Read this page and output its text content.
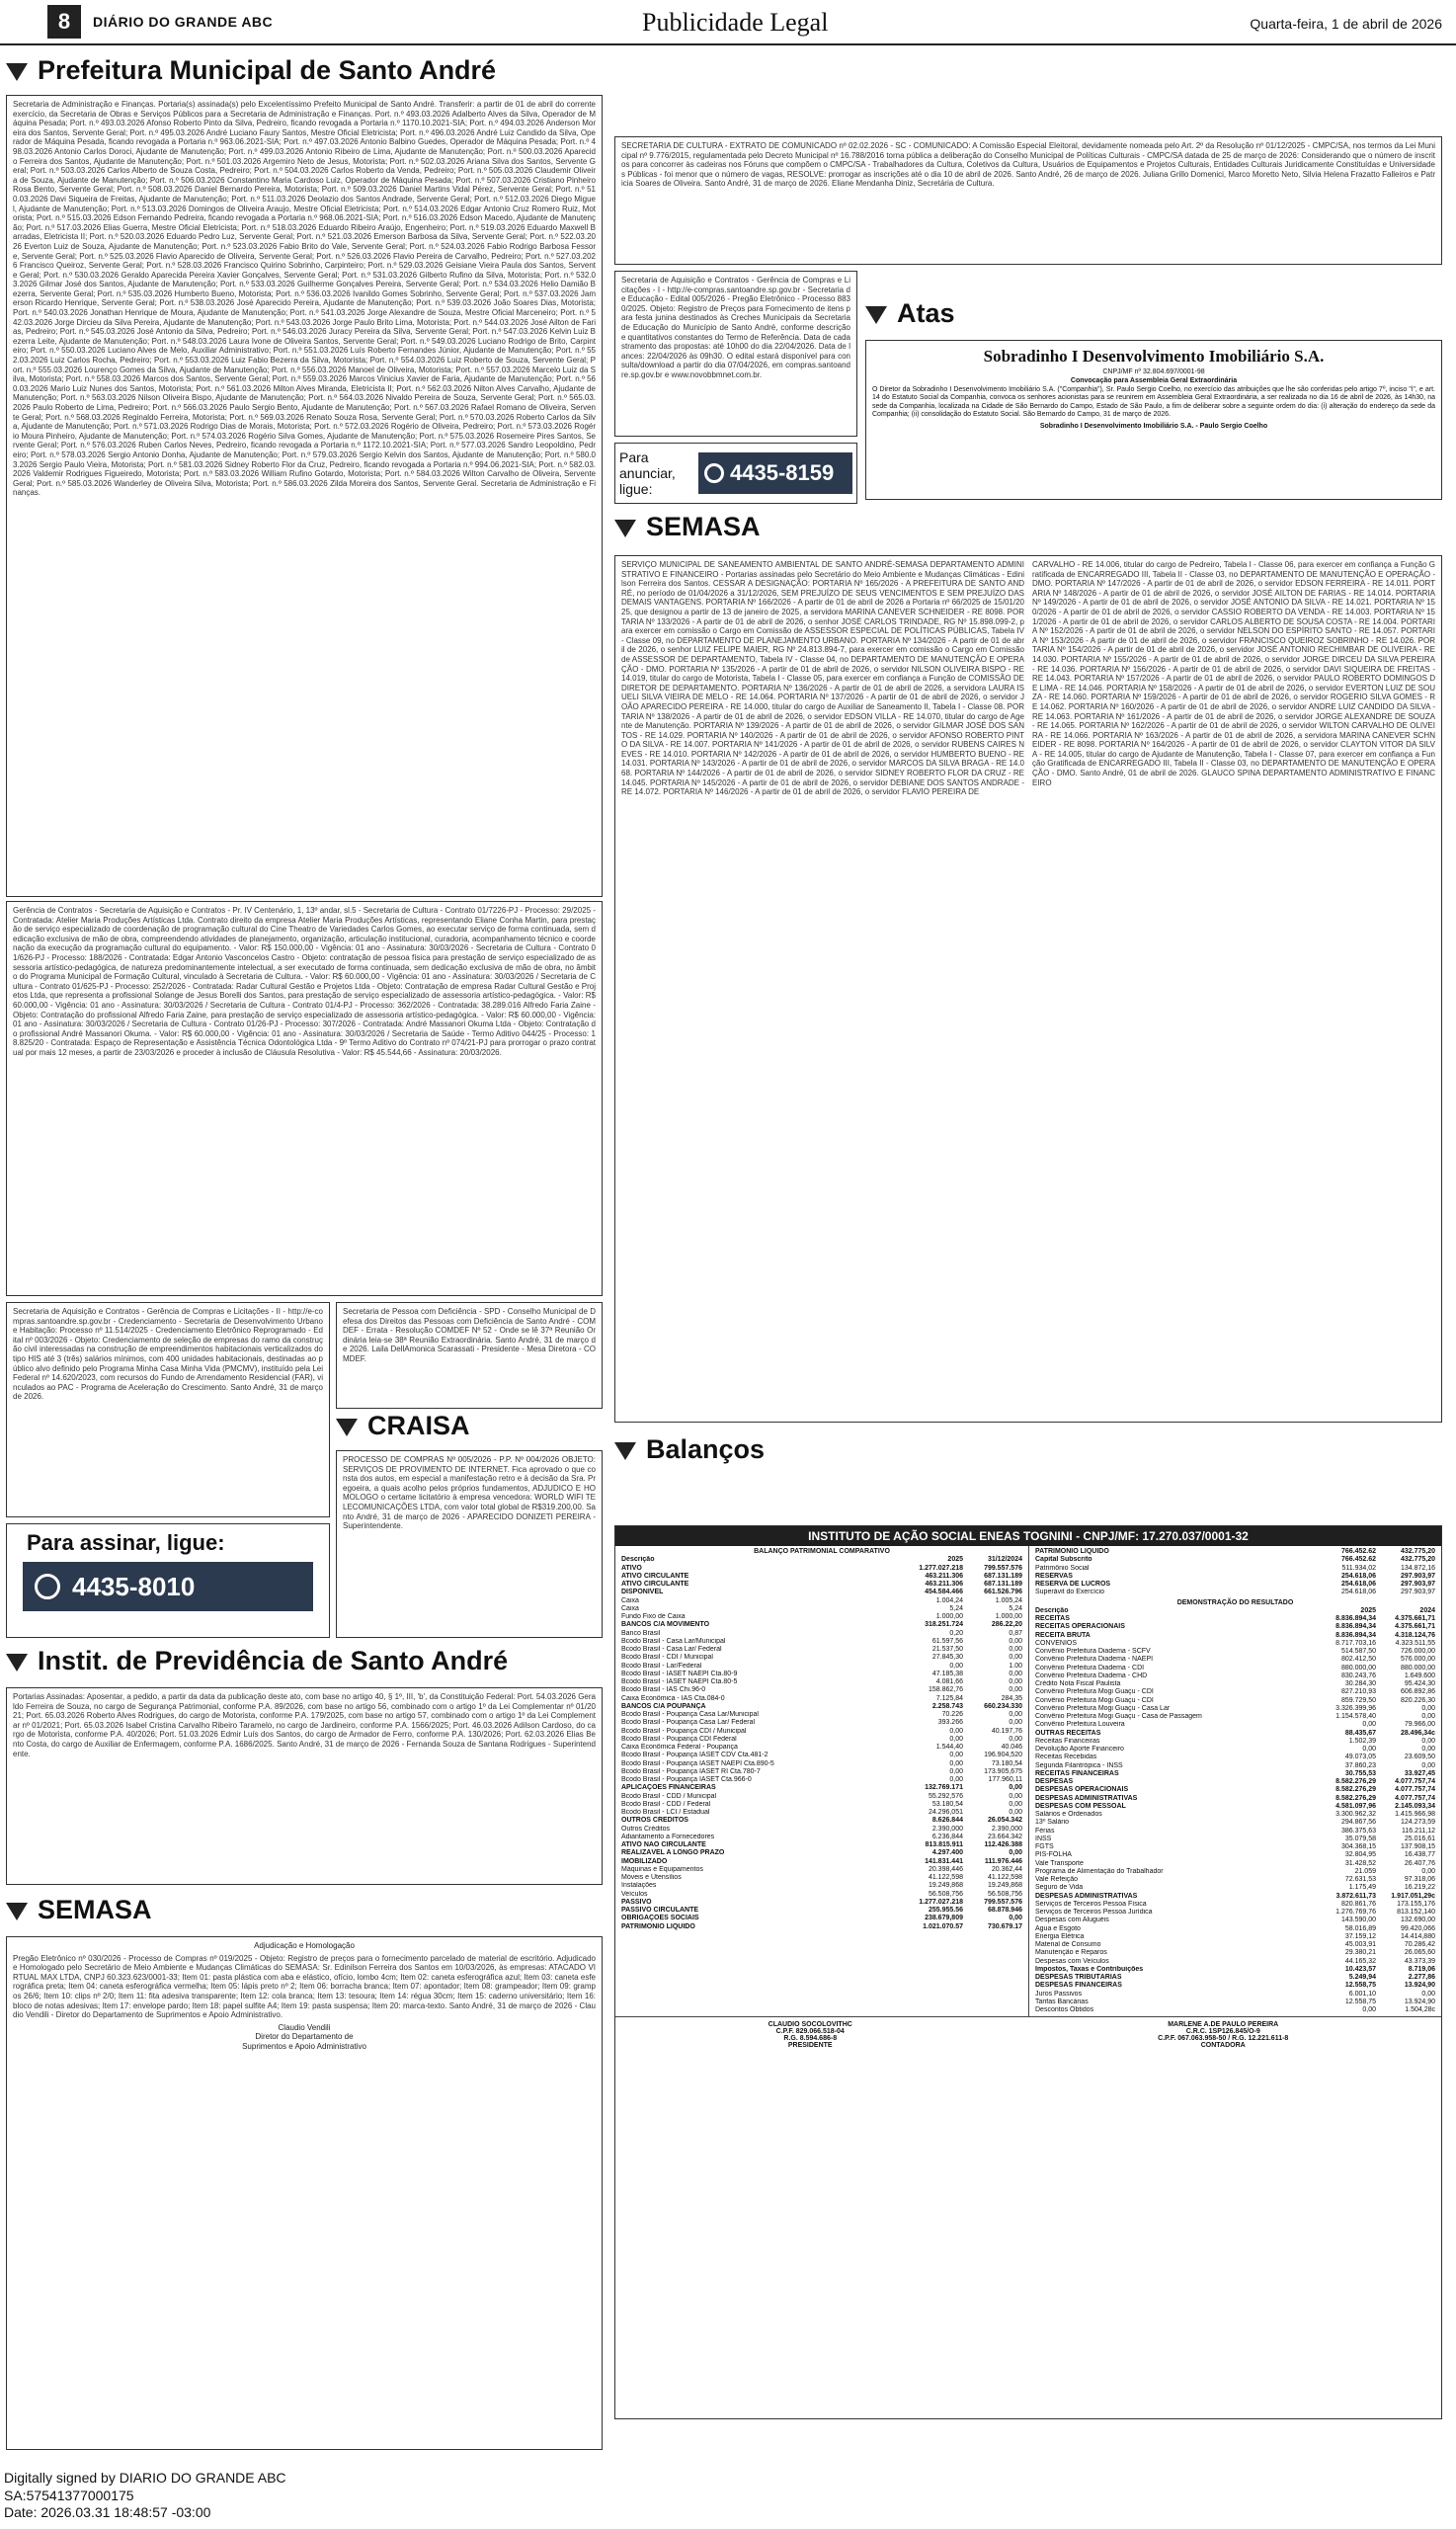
8	DIÁRIO DO GRANDE ABC	Publicidade Legal	Quarta-feira, 1 de abril de 2026
Prefeitura Municipal de Santo André

Secretaria de Administração e Finanças. Portaria(s) assinada(s) pelo Excelentíssimo Prefeito Municipal de Santo André. Transferir: a partir de 01 de abril do corrente exercício, da Secretaria de Obras e Serviços Públicos para a Secretaria de Administração e Finanças. Port. n.º 493.03.2026 Adalberto Alves da Silva, Operador de Máquina Pesada; Port. n.º 493.03.2026 Afonso Roberto Pinto da Silva, Pedreiro, ficando revogada a Portaria n.º 1170.10.2021-SIA; Port. n.º 494.03.2026 Anderson Moreira dos Santos, Servente Geral; Port. n.º 495.03.2026 André Luciano Faury Santos, Mestre Oficial Eletricista; Port. n.º 496.03.2026 André Luiz Candido da Silva, Operador de Máquina Pesada, ficando revogada a Portaria n.º 963.06.2021-SIA; Port. n.º 497.03.2026 Antonio Balbino Guedes, Operador de Máquina Pesada; Port. n.º 498.03.2026 Antonio Carlos Doroci, Ajudante de Manutenção; Port. n.º 499.03.2026 Antonio Ribeiro de Lima, Ajudante de Manutenção; Port. n.º 500.03.2026 Aparecido Ferreira dos Santos, Ajudante de Manutenção; Port. n.º 501.03.2026 Argemiro Neto de Jesus, Motorista; Port. n.º 502.03.2026 Ariana Silva dos Santos, Servente Geral; Port. n.º 503.03.2026 Carlos Alberto de Souza Costa, Pedreiro; Port. n.º 504.03.2026 Carlos Roberto da Venda, Pedreiro; Port. n.º 505.03.2026 Claudemir Oliveira de Souza, Ajudante de Manutenção; Port. n.º 506.03.2026 Constantino Maria Cardoso Luiz, Operador de Máquina Pesada; Port. n.º 507.03.2026 Cristiano Pinheiro Rosa Bento, Servente Geral; Port. n.º 508.03.2026 Daniel Bernardo Pereira, Motorista; Port. n.º 509.03.2026 Daniel Martins Vidal Pérez, Servente Geral; Port. n.º 510.03.2026 Davi Siqueira de Freitas, Ajudante de Manutenção; Port. n.º 511.03.2026 Deolazio dos Santos Andrade, Servente Geral; Port. n.º 512.03.2026 Diego Miguel, Ajudante de Manutenção; Port. n.º 513.03.2026 Domingos de Oliveira Araujo, Mestre Oficial Eletricista; Port. n.º 514.03.2026 Edgar Antonio Cruz Romero Ruiz, Motorista; Port. n.º 515.03.2026 Edson Fernando Pedreira, ficando revogada a Portaria n.º 968.06.2021-SIA; Port. n.º 516.03.2026 Edson Macedo, Ajudante de Manutenção; Port. n.º 517.03.2026 Elias Guerra, Mestre Oficial Eletricista; Port. n.º 518.03.2026 Eduardo Ribeiro Araújo, Engenheiro; Port. n.º 519.03.2026 Eduardo Maxwell Barradas, Eletricista II; Port. n.º 520.03.2026 Eduardo Pedro Luz, Servente Geral; Port. n.º 521.03.2026 Emerson Barbosa da Silva, Servente Geral; Port. n.º 522.03.2026 Everton Luiz de Souza, Ajudante de Manutenção; Port. n.º 523.03.2026 Fabio Brito do Vale, Servente Geral; Port. n.º 524.03.2026 Fabio Rodrigo Barbosa Fessore, Servente Geral; Port. n.º 525.03.2026 Flavio Aparecido de Oliveira, Servente Geral; Port. n.º 526.03.2026 Flavio Pereira de Carvalho, Pedreiro; Port. n.º 527.03.2026 Francisco Queiroz, Servente Geral; Port. n.º 528.03.2026 Francisco Quirino Sobrinho, Carpinteiro; Port. n.º 529.03.2026 Geisiane Vieira Paula dos Santos, Servente Geral; Port. n.º 530.03.2026 Geraldo Aparecida Pereira Xavier Gonçalves, Servente Geral; Port. n.º 531.03.2026 Gilberto Rufino da Silva, Motorista; Port. n.º 532.03.2026 Gilmar José dos Santos, Ajudante de Manutenção; Port. n.º 533.03.2026 Guilherme Gonçalves Pereira, Servente Geral; Port. n.º 534.03.2026 Helio Damião Bezerra, Servente Geral; Port. n.º 535.03.2026 Humberto Bueno, Motorista; Port. n.º 536.03.2026 Ivanildo Gomes Sobrinho, Servente Geral; Port. n.º 537.03.2026 Jamerson Ricardo Henrique, Servente Geral; Port. n.º 538.03.2026 José Aparecido Pereira, Ajudante de Manutenção; Port. n.º 539.03.2026 João Soares Dias, Motorista; Port. n.º 540.03.2026 Jonathan Henrique de Moura, Ajudante de Manutenção; Port. n.º 541.03.2026 Jorge Alexandre de Souza, Mestre Oficial Marceneiro; Port. n.º 542.03.2026 Jorge Dircieu da Silva Pereira, Ajudante de Manutenção; Port. n.º 543.03.2026 Jorge Paulo Brito Lima, Motorista; Port. n.º 544.03.2026 José Ailton de Farias, Pedreiro; Port. n.º 545.03.2026 José Antonio da Silva, Pedreiro; Port. n.º 546.03.2026 Juracy Pereira da Silva, Servente Geral; Port. n.º 547.03.2026 Kelvin Luiz Bezerra Leite, Ajudante de Manutenção; Port. n.º 548.03.2026 Laura Ivone de Oliveira Santos, Servente Geral; Port. n.º 549.03.2026 Luciano Rodrigo de Brito, Carpinteiro; Port. n.º 550.03.2026 Luciano Alves de Melo, Auxiliar Administrativo; Port. n.º 551.03.2026 Luís Roberto Fernandes Júnior, Ajudante de Manutenção; Port. n.º 552.03.2026 Luiz Carlos Rocha, Pedreiro; Port. n.º 553.03.2026 Luiz Fabio Bezerra da Silva, Motorista; Port. n.º 554.03.2026 Luiz Roberto de Souza, Servente Geral; Port. n.º 555.03.2026 Lourenço Gomes da Silva, Ajudante de Manutenção; Port. n.º 556.03.2026 Manoel de Oliveira, Motorista; Port. n.º 557.03.2026 Marcelo Luiz da Silva, Motorista; Port. n.º 558.03.2026 Marcos dos Santos, Servente Geral; Port. n.º 559.03.2026 Marcos Vinicius Xavier de Faria, Ajudante de Manutenção; Port. n.º 560.03.2026 Mario Luiz Nunes dos Santos, Motorista; Port. n.º 561.03.2026 Milton Alves Miranda, Eletricista II; Port. n.º 562.03.2026 Nilton Alves Carvalho, Ajudante de Manutenção; Port. n.º 563.03.2026 Nilson Oliveira Bispo, Ajudante de Manutenção; Port. n.º 564.03.2026 Nivaldo Pereira de Souza, Servente Geral; Port. n.º 565.03.2026 Paulo Roberto de Lima, Pedreiro; Port. n.º 566.03.2026 Paulo Sergio Bento, Ajudante de Manutenção; Port. n.º 567.03.2026 Rafael Romano de Oliveira, Servente Geral; Port. n.º 568.03.2026 Reginaldo Ferreira, Motorista; Port. n.º 569.03.2026 Renato Souza Rosa, Servente Geral; Port. n.º 570.03.2026 Roberto Carlos da Silva, Ajudante de Manutenção; Port. n.º 571.03.2026 Rodrigo Dias de Morais, Motorista; Port. n.º 572.03.2026 Rogério de Oliveira, Pedreiro; Port. n.º 573.03.2026 Rogério Moura Pinheiro, Ajudante de Manutenção; Port. n.º 574.03.2026 Rogério Silva Gomes, Ajudante de Manutenção; Port. n.º 575.03.2026 Rosemeire Pires Santos, Servente Geral; Port. n.º 576.03.2026 Ruben Carlos Neves, Pedreiro, ficando revogada a Portaria n.º 1172.10.2021-SIA; Port. n.º 577.03.2026 Sandro Leopoldino, Pedreiro; Port. n.º 578.03.2026 Sergio Antonio Donha, Ajudante de Manutenção; Port. n.º 579.03.2026 Sergio Kelvin dos Santos, Ajudante de Manutenção; Port. n.º 580.03.2026 Sergio Paulo Vieira, Motorista; Port. n.º 581.03.2026 Sidney Roberto Flor da Cruz, Pedreiro, ficando revogada a Portaria n.º 994.06.2021-SIA; Port. n.º 582.03.2026 Valdemir Rodrigues Figueiredo, Motorista; Port. n.º 583.03.2026 William Rufino Gotardo, Motorista; Port. n.º 584.03.2026 Wilton Carvalho de Oliveira, Servente Geral; Port. n.º 585.03.2026 Wanderley de Oliveira Silva, Motorista; Port. n.º 586.03.2026 Zilda Moreira dos Santos, Servente Geral. Secretaria de Administração e Finanças.

Gerência de Contratos - Secretaria de Aquisição e Contratos - Pr. IV Centenário, 1, 13º andar, sl.5 - Secretaria de Cultura - Contrato 01/7226-PJ - Processo: 29/2025 - Contratada: Atelier Maria Produções Artísticas Ltda. Contrato direito da empresa Atelier Maria Produções Artísticas, representando Eliane Conha Martin, para prestação de serviço especializado de coordenação de programação cultural do Cine Theatro de Variedades Carlos Gomes, ao executar serviço de forma continuada, sem dedicação exclusiva de mão de obra, compreendendo atividades de planejamento, organização, articulação institucional, curadoria, acompanhamento técnico e coordenação da execução da programação cultural do equipamento. - Valor: R$ 150.000,00 - Vigência: 01 ano - Assinatura: 30/03/2026 - Secretaria de Cultura - Contrato 01/626-PJ - Processo: 188/2026 - Contratada: Edgar Antonio Vasconcelos Castro - Objeto: contratação de pessoa física para prestação de serviço especializado de assessoria artístico-pedagógica, de natureza predominantemente intelectual, a ser executado de forma continuada, sem dedicação exclusiva de mão de obra, no âmbito do Programa Municipal de Formação Cultural, vinculado à Secretaria de Cultura. - Valor: R$ 60.000,00 - Vigência: 01 ano - Assinatura: 30/03/2026 / Secretaria de Cultura - Contrato 01/625-PJ - Processo: 252/2026 - Contratada: Radar Cultural Gestão e Projetos Ltda - Objeto: Contratação de empresa Radar Cultural Gestão e Projetos Ltda, que representa a profissional Solange de Jesus Borelli dos Santos, para prestação de serviço especializado de assessoria artístico-pedagógica. - Valor: R$ 60.000,00 - Vigência: 01 ano - Assinatura: 30/03/2026 / Secretaria de Cultura - Contrato 01/4-PJ - Processo: 362/2026 - Contratada: 38.289.016 Alfredo Faria Zaine - Objeto: Contratação do profissional Alfredo Faria Zaine, para prestação de serviço especializado de assessoria artístico-pedagógica. - Valor: R$ 60.000,00 - Vigência: 01 ano - Assinatura: 30/03/2026 / Secretaria de Cultura - Contrato 01/26-PJ - Processo: 307/2026 - Contratada: André Massanori Okuma Ltda - Objeto: Contratação do profissional André Massanori Okuma. - Valor: R$ 60.000,00 - Vigência: 01 ano - Assinatura: 30/03/2026 / Secretaria de Saúde - Termo Aditivo 044/25 - Processo: 18.825/20 - Contratada: Espaço de Representação e Assistência Técnica Odontológica Ltda - 9º Termo Aditivo do Contrato nº 074/21-PJ para prorrogar o prazo contratual por mais 12 meses, a partir de 23/03/2026 e proceder à inclusão de Cláusula Resolutiva - Valor: R$ 45.544,66 - Assinatura: 20/03/2026.

Secretaria de Aquisição e Contratos - Gerência de Compras e Licitações - II - http://e-compras.santoandre.sp.gov.br - Credenciamento - Secretaria de Desenvolvimento Urbano e Habitação: Processo nº 11.514/2025 - Credenciamento Eletrônico Reprogramado - Edital nº 003/2026 - Objeto: Credenciamento de seleção de empresas do ramo da construção civil interessadas na construção de empreendimentos habitacionais verticalizados do tipo HIS até 3 (três) salários mínimos, com 400 unidades habitacionais, destinadas ao público alvo definido pelo Programa Minha Casa Minha Vida (PMCMV), instituído pela Lei Federal nº 14.620/2023, com recursos do Fundo de Arrendamento Residencial (FAR), vinculados ao PAC - Programa de Aceleração do Crescimento. Santo André, 31 de março de 2026.

Secretaria de Pessoa com Deficiência - SPD - Conselho Municipal de Defesa dos Direitos das Pessoas com Deficiência de Santo André - COMDEF - Errata - Resolução COMDEF Nº 52 - Onde se lê 37ª Reunião Ordinária leia-se 38ª Reunião Extraordinária. Santo André, 31 de março de 2026. Laila DellAmonica Scarassati - Presidente - Mesa Diretora - COMDEF.

Para assinar, ligue:
4435-8010
CRAISA

PROCESSO DE COMPRAS Nº 005/2026 - P.P. Nº 004/2026 OBJETO: SERVIÇOS DE PROVIMENTO DE INTERNET. Fica aprovado o que consta dos autos, em especial a manifestação retro e à decisão da Sra. Pregoeira, a quais acolho pelos próprios fundamentos, ADJUDICO E HOMOLOGO o certame licitatório à empresa vencedora: WORLD WIFI TELECOMUNICAÇÕES LTDA, com valor total global de R$319.200,00. Santo André, 31 de março de 2026 - APARECIDO DONIZETI PEREIRA - Superintendente.

Instit. de Previdência de Santo André

Portarias Assinadas: Aposentar, a pedido, a partir da data da publicação deste ato, com base no artigo 40, § 1º, III, 'b', da Constituição Federal: Port. 54.03.2026 Geraldo Ferreira de Souza, no cargo de Segurança Patrimonial, conforme P.A. 89/2026, com base no artigo 56, combinado com o artigo 1º da Lei Complementar nº 01/2021; Port. 65.03.2026 Roberto Alves Rodrigues, do cargo de Motorista, conforme P.A. 179/2025, com base no artigo 57, combinado com o artigo 1º da Lei Complementar nº 01/2021; Port. 65.03.2026 Isabel Cristina Carvalho Ribeiro Taramelo, no cargo de Jardineiro, conforme P.A. 1566/2025; Port. 46.03.2026 Adilson Cardoso, do cargo de Motorista, conforme P.A. 40/2026; Port. 51.03.2026 Edmir Luís dos Santos, do cargo de Armador de Ferro, conforme P.A. 130/2026; Port. 62.03.2026 Elias Bento Costa, do cargo de Auxiliar de Enfermagem, conforme P.A. 1686/2025. Santo André, 31 de março de 2026 - Fernanda Souza de Santana Rodrigues - Superintendente.

SEMASA

Adjudicação e Homologação

Pregão Eletrônico nº 030/2026 - Processo de Compras nº 019/2025 - Objeto: Registro de preços para o fornecimento parcelado de material de escritório. Adjudicado e Homologado pelo Secretário de Meio Ambiente e Mudanças Climáticas do SEMASA: Sr. Edinilson Ferreira dos Santos em 10/03/2026, às empresas: ATACADO VIRTUAL MAX LTDA, CNPJ 60.323.623/0001-33; Item 01: pasta plástica com aba e elástico, ofício, lombo 4cm; Item 02: caneta esferográfica azul; Item 03: caneta esferográfica preta; Item 04: caneta esferográfica vermelha; Item 05: lápis preto nº 2; Item 06: borracha branca; Item 07: apontador; Item 08: grampeador; Item 09: grampos 26/6; Item 10: clips nº 2/0; Item 11: fita adesiva transparente; Item 12: cola branca; Item 13: tesoura; Item 14: régua 30cm; Item 15: caderno universitário; Item 16: bloco de notas adesivas; Item 17: envelope pardo; Item 18: papel sulfite A4; Item 19: pasta suspensa; Item 20: marca-texto. Santo André, 31 de março de 2026 - Claudio Vendili - Diretor do Departamento de Suprimentos e Apoio Administrativo.

Claudio Vendili
Diretor do Departamento de
Suprimentos e Apoio Administrativo

SECRETARIA DE CULTURA - EXTRATO DE COMUNICADO nº 02.02.2026 - SC - COMUNICADO: A Comissão Especial Eleitoral, devidamente nomeada pelo Art. 2º da Resolução nº 01/12/2025 - CMPC/SA, nos termos da Lei Municipal nº 9.776/2015, regulamentada pelo Decreto Municipal nº 16.788/2016 torna pública a deliberação do Conselho Municipal de Políticas Culturais - CMPC/SA datada de 25 de março de 2026: Considerando que o número de inscritos para concorrer às cadeiras nos Fóruns que compõem o CMPC/SA - Trabalhadores da Cultura, Coletivos da Cultura, Usuários de Equipamentos e Projetos Culturais, Entidades Culturais Juridicamente Constituídas e Universidades Públicas - foi menor que o número de vagas, RESOLVE: prorrogar as inscrições até o dia 10 de abril de 2026. Santo André, 26 de março de 2026. Juliana Grillo Domenici, Marco Moretto Neto, Silvia Helena Frazatto Falleiros e Patricia Soares de Oliveira. Santo André, 31 de março de 2026. Eliane Mendanha Diniz, Secretária de Cultura.

Secretaria de Aquisição e Contratos - Gerência de Compras e Licitações - I - http://e-compras.santoandre.sp.gov.br - Secretaria de Educação - Edital 005/2026 - Pregão Eletrônico - Processo 8830/2025. Objeto: Registro de Preços para Fornecimento de itens para festa junina destinados às Creches Municipais da Secretaria de Educação do Município de Santo André, conforme descrição e quantitativos constantes do Termo de Referência. Data de cadastramento das propostas: até 10h00 do dia 22/04/2026. Data de lances: 22/04/2026 às 09h30. O edital estará disponível para consulta/download a partir do dia 07/04/2026, em compras.santoandre.sp.gov.br e www.novobbmnet.com.br.

Para anunciar, ligue:
4435-8159
Atas
Sobradinho I Desenvolvimento Imobiliário S.A.
CNPJ/MF nº 32.804.697/0001-98
Convocação para Assembleia Geral Extraordinária
O Diretor da Sobradinho I Desenvolvimento Imobiliário S.A. ("Companhia"), Sr. Paulo Sergio Coelho, no exercício das atribuições que lhe são conferidas pelo artigo 7º, inciso "i", e art. 14 do Estatuto Social da Companhia, convoca os senhores acionistas para se reunirem em Assembleia Geral Extraordinária, a ser realizada no dia 16 de abril de 2026, às 14h30, na sede da Companhia, localizada na Cidade de São Bernardo do Campo, Estado de São Paulo, a fim de deliberar sobre a seguinte ordem do dia: (i) alteração do endereço da sede da Companhia; (ii) consolidação do Estatuto Social. São Bernardo do Campo, 31 de março de 2026.
Sobradinho I Desenvolvimento Imobiliário S.A. - Paulo Sergio Coelho
SEMASA
SERVIÇO MUNICIPAL DE SANEAMENTO AMBIENTAL DE SANTO ANDRÉ-SEMASA DEPARTAMENTO ADMINISTRATIVO E FINANCEIRO - Portarias assinadas pelo Secretário do Meio Ambiente e Mudanças Climáticas - Edinilson Ferreira dos Santos. CESSAR A DESIGNAÇÃO: PORTARIA Nº 165/2026 - A PREFEITURA DE SANTO ANDRÉ, no período de 01/04/2026 a 31/12/2026, SEM PREJUÍZO DE SEUS VENCIMENTOS E SEM PREJUÍZO DAS DEMAIS VANTAGENS. PORTARIA Nº 166/2026 - A partir de 01 de abril de 2026 a Portaria nº 66/2025 de 15/01/2025, que designou a partir de 13 de janeiro de 2025, a servidora MARINA CANEVER SCHNEIDER - RE 8098. PORTARIA Nº 133/2026 - A partir de 01 de abril de 2026, o senhor JOSÉ CARLOS TRINDADE, RG Nº 15.898.099-2, para exercer em comissão o Cargo em Comissão de ASSESSOR ESPECIAL DE POLÍTICAS PÚBLICAS, Tabela IV - Classe 09, no DEPARTAMENTO DE PLANEJAMENTO URBANO. PORTARIA Nº 134/2026 - A partir de 01 de abril de 2026, o senhor LUIZ FELIPE MAIER, RG Nº 24.813.894-7, para exercer em comissão o Cargo em Comissão de ASSESSOR DE DEPARTAMENTO, Tabela IV - Classe 04, no DEPARTAMENTO DE MANUTENÇÃO E OPERAÇÃO - DMO. PORTARIA Nº 135/2026 - A partir de 01 de abril de 2026, o servidor NILSON OLIVEIRA BISPO - RE 14.019, titular do cargo de Motorista, Tabela I - Classe 05, para exercer em confiança a Função de COMISSÃO DE DIRETOR DE DEPARTAMENTO. PORTARIA Nº 136/2026 - A partir de 01 de abril de 2026, a servidora LAURA ISUELI SILVA VIEIRA DE MELO - RE 14.064. PORTARIA Nº 137/2026 - A partir de 01 de abril de 2026, o servidor JOÃO APARECIDO PEREIRA - RE 14.000, titular do cargo de Auxiliar de Saneamento II, Tabela I - Classe 08. PORTARIA Nº 138/2026 - A partir de 01 de abril de 2026, o servidor EDSON VILLA - RE 14.070, titular do cargo de Agente de Manutenção. PORTARIA Nº 139/2026 - A partir de 01 de abril de 2026, o servidor GILMAR JOSÉ DOS SANTOS - RE 14.029. PORTARIA Nº 140/2026 - A partir de 01 de abril de 2026, o servidor AFONSO ROBERTO PINTO DA SILVA - RE 14.007. PORTARIA Nº 141/2026 - A partir de 01 de abril de 2026, o servidor RUBENS CAIRES NEVES - RE 14.010. PORTARIA Nº 142/2026 - A partir de 01 de abril de 2026, o servidor HUMBERTO BUENO - RE 14.031. PORTARIA Nº 143/2026 - A partir de 01 de abril de 2026, o servidor MARCOS DA SILVA BRAGA - RE 14.068. PORTARIA Nº 144/2026 - A partir de 01 de abril de 2026, o servidor SIDNEY ROBERTO FLOR DA CRUZ - RE 14.045. PORTARIA Nº 145/2026 - A partir de 01 de abril de 2026, o servidor DEBIANE DOS SANTOS ANDRADE - RE 14.072. PORTARIA Nº 146/2026 - A partir de 01 de abril de 2026, o servidor FLAVIO PEREIRA DE
CARVALHO - RE 14.006, titular do cargo de Pedreiro, Tabela I - Classe 06, para exercer em confiança a Função Gratificada de ENCARREGADO III, Tabela II - Classe 03, no DEPARTAMENTO DE MANUTENÇÃO E OPERAÇÃO - DMO. PORTARIA Nº 147/2026 - A partir de 01 de abril de 2026, o servidor EDSON FERREIRA - RE 14.011. PORTARIA Nº 148/2026 - A partir de 01 de abril de 2026, o servidor JOSÉ AILTON DE FARIAS - RE 14.014. PORTARIA Nº 149/2026 - A partir de 01 de abril de 2026, o servidor JOSÉ ANTONIO DA SILVA - RE 14.021. PORTARIA Nº 150/2026 - A partir de 01 de abril de 2026, o servidor CASSIO ROBERTO DA VENDA - RE 14.003. PORTARIA Nº 151/2026 - A partir de 01 de abril de 2026, o servidor CARLOS ALBERTO DE SOUSA COSTA - RE 14.004. PORTARIA Nº 152/2026 - A partir de 01 de abril de 2026, o servidor NELSON DO ESPÍRITO SANTO - RE 14.057. PORTARIA Nº 153/2026 - A partir de 01 de abril de 2026, o servidor FRANCISCO QUEIROZ SOBRINHO - RE 14.026. PORTARIA Nº 154/2026 - A partir de 01 de abril de 2026, o servidor JOSÉ ANTONIO RECHIMBAR DE OLIVEIRA - RE 14.030. PORTARIA Nº 155/2026 - A partir de 01 de abril de 2026, o servidor JORGE DIRCEU DA SILVA PEREIRA - RE 14.036. PORTARIA Nº 156/2026 - A partir de 01 de abril de 2026, o servidor DAVI SIQUEIRA DE FREITAS - RE 14.043. PORTARIA Nº 157/2026 - A partir de 01 de abril de 2026, o servidor PAULO ROBERTO DOMINGOS DE LIMA - RE 14.046. PORTARIA Nº 158/2026 - A partir de 01 de abril de 2026, o servidor EVERTON LUIZ DE SOUZA - RE 14.060. PORTARIA Nº 159/2026 - A partir de 01 de abril de 2026, o servidor ROGERIO SILVA GOMES - RE 14.062. PORTARIA Nº 160/2026 - A partir de 01 de abril de 2026, o servidor ANDRE LUIZ CANDIDO DA SILVA - RE 14.063. PORTARIA Nº 161/2026 - A partir de 01 de abril de 2026, o servidor JORGE ALEXANDRE DE SOUZA - RE 14.065. PORTARIA Nº 162/2026 - A partir de 01 de abril de 2026, o servidor WILTON CARVALHO DE OLIVEIRA - RE 14.066. PORTARIA Nº 163/2026 - A partir de 01 de abril de 2026, a servidora MARINA CANEVER SCHNEIDER - RE 8098. PORTARIA Nº 164/2026 - A partir de 01 de abril de 2026, o servidor CLAYTON VITOR DA SILVA - RE 14.005, titular do cargo de Ajudante de Manutenção, Tabela I - Classe 07, para exercer em confiança a Função Gratificada de ENCARREGADO III, Tabela II - Classe 03, no DEPARTAMENTO DE MANUTENÇÃO E OPERAÇÃO - DMO. Santo André, 01 de abril de 2026. GLAUCO SPINA DEPARTAMENTO ADMINISTRATIVO E FINANCEIRO
Balanços
INSTITUTO DE AÇÃO SOCIAL ENEAS TOGNINI - CNPJ/MF: 17.270.037/0001-32
BALANÇO PATRIMONIAL COMPARATIVO
Descrição	2025	31/12/2024
ATIVO	1.277.027.218	799.557.576
ATIVO CIRCULANTE	463.211.306	687.131.189
ATIVO CIRCULANTE	463.211.306	687.131.189
DISPONÍVEL	454.584.466	661.526.796
Caixa	1.004,24	1.005,24
Caixa	5,24	5,24
Fundo Fixo de Caixa	1.000,00	1.000,00
BANCOS C/A MOVIMENTO	318.251.724	286.22,20
Banco Brasil	0,20	0,87
Bcodo Brasil - Casa Lar/Municipal	61.597,56	0,00
Bcodo Brasil - Casa Lar/ Federal	21.537,50	0,00
Bcodo Brasil - CDI / Municipal	27.845,30	0,00
Bcodo Brasil - Lar/Federal	0,00	1.00
Bcodo Brasil - IASET NAEPI Cta.80-9	47.185,38	0,00
Bcodo Brasil - IASET NAEPI Cta.80-5	4.081,66	0,00
Bcodo Brasil - IAS Chi.96-0	158.862,76	0,00
Caixa Econômica - IAS Cta.084-0	7.125,84	284,35
BANCOS C/A POUPANÇA	2.258.743	660.234.330
Bcodo Brasil - Poupança Casa Lar/Municipal	70.226	0,00
Bcodo Brasil - Poupança Casa Lar/ Federal	393.266	0,00
Bcodo Brasil - Poupança CDI / Municipal	0,00	40.197,76
Bcodo Brasil - Poupança CDI Federal	0,00	0,00
Caixa Econômica Federal - Poupança	1.544,40	40.046
Bcodo Brasil - Poupança IASET CDV Cta.481-2	0,00	196.904,520
Bcodo Brasil - Poupança IASET NAEPI Cta.890-5	0,00	73.180,54
Bcodo Brasil - Poupança IASET RI Cta.780-7	0,00	173.905,675
Bcodo Brasil - Poupança IASET Cta.966-0	0,00	177.960,11
APLICAÇÕES FINANCEIRAS	132.769.171	0,00
Bcodo Brasil - CDD / Municipal	55.292,576	0,00
Bcodo Brasil - CDD / Federal	53.180,54	0,00
Bcodo Brasil - LCI / Estadual	24.296,051	0,00
OUTROS CRÉDITOS	8.626.844	26.054.342
Outros Créditos	2.390,000	2.390,000
Adiantamento a Fornecedores	6.236,844	23.664.342
ATIVO NÃO CIRCULANTE	813.815.911	112.426.388
REALIZÁVEL A LONGO PRAZO	4.297.400	0,00
IMOBILIZADO	141.831.441	111.976.446
Máquinas e Equipamentos	20.398,446	20.362,44
Móveis e Utensílios	41.122,598	41.122,598
Instalações	19.249,868	19.249,868
Veículos	56.508,756	56.508,756
PASSIVO	1.277.027.218	799.557.576
PASSIVO CIRCULANTE	255.955.56	68.878.946
OBRIGAÇÕES SOCIAIS	238.679,809	0,00
PATRIMÔNIO LÍQUIDO	1.021.070.57	730.679.17
PATRIMÔNIO LÍQUIDO	766.452.62	432.775,20
Capital Subscrito	766.452.62	432.775,20
Patrimônio Social	511.934,02	134.872,16
RESERVAS	254.618,06	297.903,97
RESERVA DE LUCROS	254.618,06	297.903,97
Superávit do Exercício	254.618,06	297.903,97
DEMONSTRAÇÃO DO RESULTADO
Descrição	2025	2024
RECEITAS	8.836.894,34	4.375.661,71
RECEITAS OPERACIONAIS	8.836.894,34	4.375.661,71
RECEITA BRUTA	8.836.894,34	4.318.124,76
CONVÊNIOS	8.717.703,16	4.323.511,55
Convênio Prefeitura Diadema - SCFV	514.587,50	726.000,00
Convênio Prefeitura Diadema - NAEPI	802.412,50	576.000,00
Convênio Prefeitura Diadema - CDI	880.000,00	880.000,00
Convênio Prefeitura Diadema - CHD	830.243,76	1.649.600
Crédito Nota Fiscal Paulista	30.284,30	95.424,30
Convênio Prefeitura Mogi Guaçu - CDI	827.210,93	606.892,86
Convênio Prefeitura Mogi Guaçu - CDI	859.729,50	820.226,30
Convênio Prefeitura Mogi Guaçu - Casa Lar	3.326.399,96	0,00
Convênio Prefeitura Mogi Guaçu - Casa de Passagem	1.154.578,40	0,00
Convênio Prefeitura Louveira	0,00	79.966,00
OUTRAS RECEITAS	88.435,67	28.496,34c
Receitas Financeiras	1.502,39	0,00
Devolução Aporte Financeiro	0,00	0,00
Receitas Recebidas	49.073,05	23.609,50
Segunda Filantrópica - INSS	37.860,23	0,00
RECEITAS FINANCEIRAS	30.755,53	33.927,45
DESPESAS	8.582.276,29	4.077.757,74
DESPESAS OPERACIONAIS	8.582.276,29	4.077.757,74
DESPESAS ADMINISTRATIVAS	8.582.276,29	4.077.757,74
DESPESAS COM PESSOAL	4.581.097,96	2.145.093,34
Salários e Ordenados	3.300.962,32	1.415.966,98
13º Salário	294.867,56	124.273,59
Férias	386.375,63	116.211,12
INSS	35.079,58	25.016,61
FGTS	304.368,15	137.908,15
PIS-FOLHA	32.804,95	16.438,77
Vale Transporte	31.428,52	26.407,76
Programa de Alimentação do Trabalhador	21.059	0,00
Vale Refeição	72.631,53	97.318,06
Seguro de Vida	1.175,49	16.219,22
DESPESAS ADMINISTRATIVAS	3.872.611,73	1.917.051,29c
Serviços de Terceiros Pessoa Física	820.861,76	173.155,176
Serviços de Terceiros Pessoa Jurídica	1.276.769,76	813.152,140
Despesas com Aluguéis	143.590,00	132.690,00
Água e Esgoto	58.016,89	99.420,066
Energia Elétrica	37.159,12	14.414,880
Material de Consumo	45.003,91	70.286,42
Manutenção e Reparos	29.380,21	26.065,60
Despesas com Veículos	44.165,32	43.373,39
Impostos, Taxas e Contribuições	10.423,57	8.719,06
DESPESAS TRIBUTÁRIAS	5.249,94	2.277,86
DESPESAS FINANCEIRAS	12.558,75	13.924,90
Juros Passivos	6.001,10	0,00
Tarifas Bancárias	12.558,75	13.924,90
Descontos Obtidos	0,00	1.504,28c
CLAUDIO SOCOLOVITHC
C.P.F. 829.066.518-04
R.G. 8.594.686-8
PRESIDENTE
MARLENE A.DE PAULO PEREIRA
C.R.C. 1SP126.845/O-9
C.P.F. 067.063.958-50 / R.G. 12.221.611-8
CONTADORA
Digitally signed by DIARIO DO GRANDE ABC
SA:57541377000175
Date: 2026.03.31 18:48:57 -03:00
